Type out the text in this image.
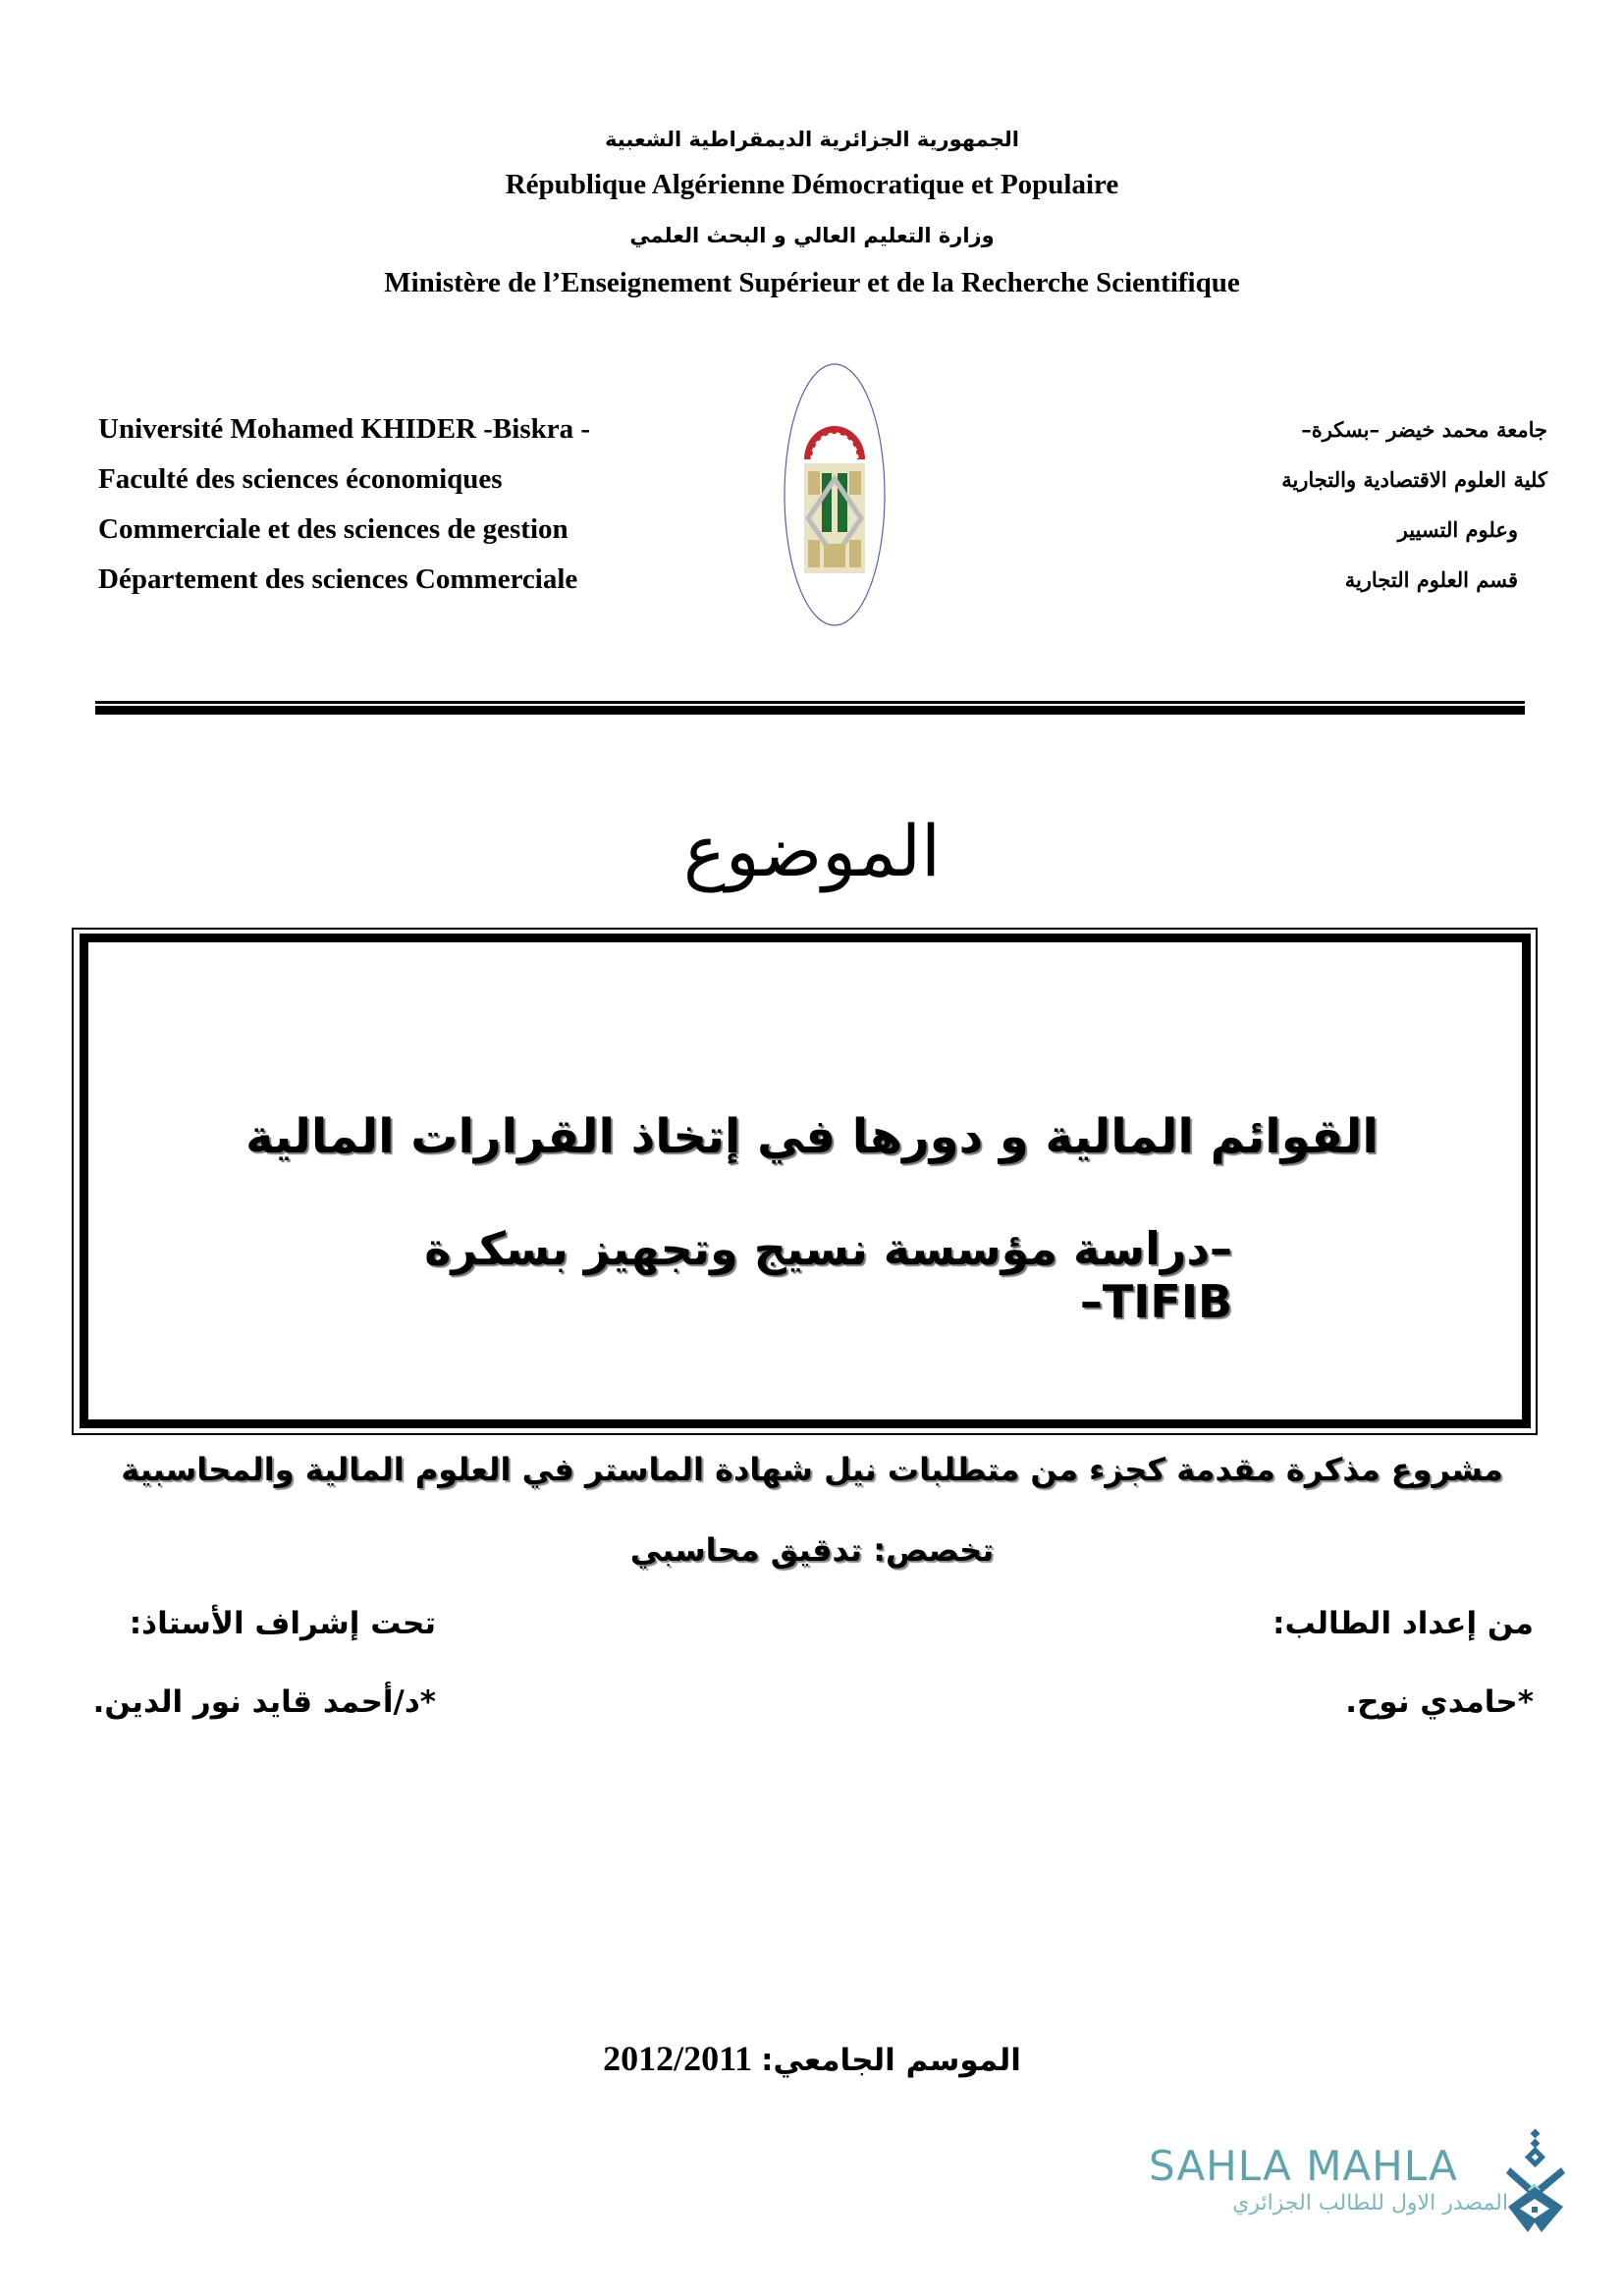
الجمهورية الجزائرية الديمقراطية الشعبية
République Algérienne Démocratique et Populaire
وزارة التعليم العالي و البحث العلمي
Ministère de l’Enseignement Supérieur et de la Recherche Scientifique
Université Mohamed KHIDER -Biskra -
Faculté des sciences économiques
Commerciale et des sciences de gestion
Département des sciences Commerciale
جامعة محمد خيضر –بسكرة–
كلية العلوم الاقتصادية والتجارية
وعلوم التسيير
قسم العلوم التجارية
الموضوع
القوائم المالية و دورها في إتخاذ القرارات المالية
–دراسة مؤسسة نسيج وتجهيز بسكرة TIFIB–
مشروع مذكرة مقدمة كجزء من متطلبات نيل شهادة الماستر في العلوم المالية والمحاسبية
تخصص: تدقيق محاسبي
من إعداد الطالب:
*حامدي نوح.
تحت إشراف الأستاذ:
*د/أحمد قايد نور الدين.
2012/2011 الموسم الجامعي:
SAHLA MAHLA
المصدر الاول للطالب الجزائري
